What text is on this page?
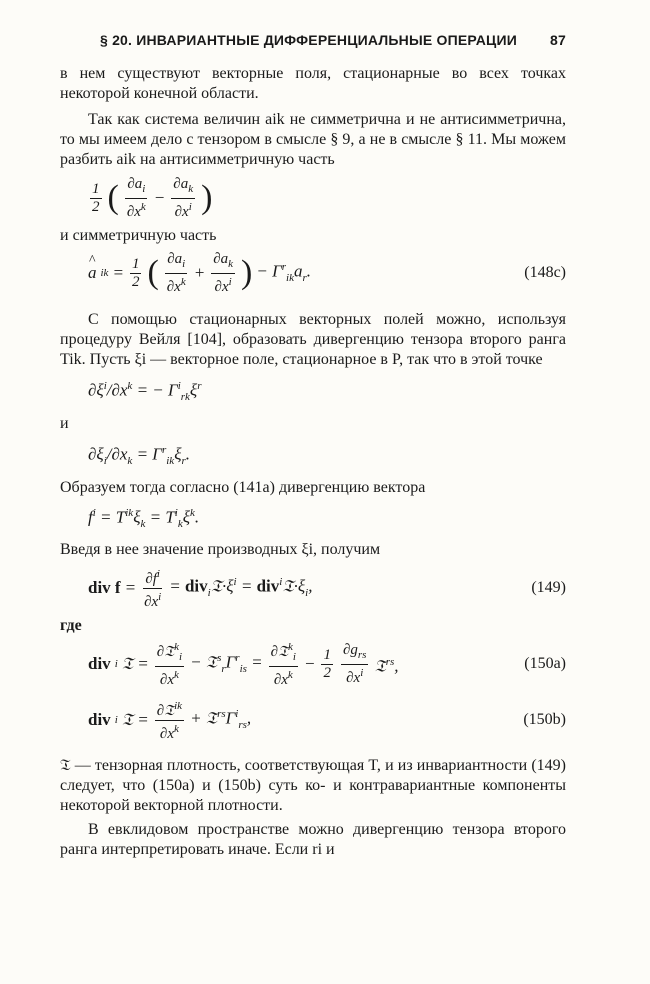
§ 20. ИНВАРИАНТНЫЕ ДИФФЕРЕНЦИАЛЬНЫЕ ОПЕРАЦИИ 87

в нем существуют векторные поля, стационарные во всех точках некоторой конечной области.

Так как система величин aik не симметрична и не антисимметрична, то мы имеем дело с тензором в смысле § 9, а не в смысле § 11. Мы можем разбить aik на антисимметричную часть

$\frac{1}{2}$ ( $\frac{\partial a_i}{\partial x^k} - \frac{\partial a_k}{\partial x^i}$ )

и симметричную часть

^ a ik = $\frac{1}{2}$ ( $\frac{\partial a_i}{\partial x^k} + \frac{\partial a_k}{\partial x^i}$ ) − $\Gamma^r_{ik}a_r$.	(148c)

С помощью стационарных векторных полей можно, используя процедуру Вейля [104], образовать дивергенцию тензора второго ранга Tik. Пусть ξi — векторное поле, стационарное в P, так что в этой точке

$\partial\xi^i/\partial x^k$ = − $\Gamma^i_{rk}\xi^r$

и

$\partial\xi_i/\partial x_k = \Gamma^r_{ik}\xi_r$.

Образуем тогда согласно (141a) дивергенцию вектора

$f^i = T^{ik}\xi_k = T^i_k\xi^k$.

Введя в нее значение производных ξi, получим

div $f = \frac{\partial f^i}{\partial x^i}$ = $div_i𝔗\cdot\xi^i$ = $div^i𝔗\cdot\xi_i$,	(149)

где

div i 𝔗 = $\frac{\partial 𝔗^k_i}{\partial x^k}$ − $𝔗^s_r\Gamma^r_{is} = \frac{\partial 𝔗^k_i}{\partial x^k} - \frac{1}{2} \frac{\partial g_{rs}}{\partial x^i}$ 𝔗$^{rs}$,	(150a)
div i 𝔗 = $\frac{\partial 𝔗^{ik}}{\partial x^k}$ + $𝔗^{rs}\Gamma^i_{rs}$,	(150b)

𝔗 — тензорная плотность, соответствующая T, и из инвариантности (149) следует, что (150a) и (150b) суть ко- и контравариантные компоненты некоторой векторной плотности.

В евклидовом пространстве можно дивергенцию тензора второго ранга интерпретировать иначе. Если ri и
